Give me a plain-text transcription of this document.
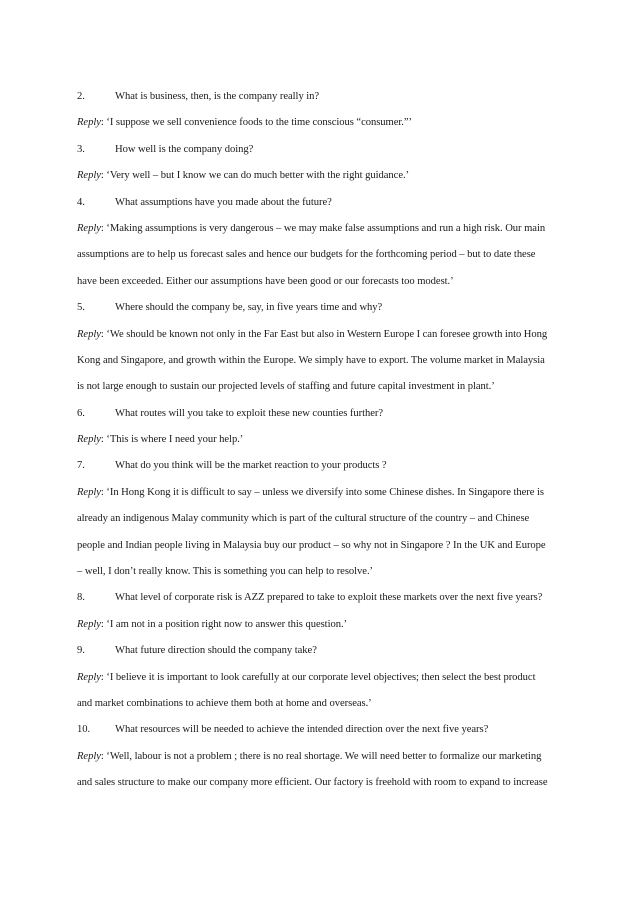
2.	What is business, then, is the company really in?
Reply: ‘I suppose we sell convenience foods to the time conscious “consumer.”’
3.	How well is the company doing?
Reply: ‘Very well – but I know we can do much better with the right guidance.’
4.	What assumptions have you made about the future?
Reply: ‘Making assumptions is very dangerous – we may make false assumptions and run a high risk. Our main
assumptions are to help us forecast sales and hence our budgets for the forthcoming period – but to date these
have been exceeded. Either our assumptions have been good or our forecasts too modest.’
5.	Where should the company be, say, in five years time and why?
Reply: ‘We should be known not only in the Far East but also in Western Europe I can foresee growth into Hong
Kong and Singapore, and growth within the Europe. We simply have to export. The volume market in Malaysia
is not large enough to sustain our projected levels of staffing and future capital investment in plant.’
6.	What routes will you take to exploit these new counties further?
Reply: ‘This is where I need your help.’
7.	What do you think will be the market reaction to your products ?
Reply: ‘In Hong Kong it is difficult to say – unless we diversify into some Chinese dishes. In Singapore there is
already an indigenous Malay community which is part of the cultural structure of the country – and Chinese
people and Indian people living in Malaysia buy our product – so why not in Singapore ? In the UK and Europe
– well, I don’t really know. This is something you can help to resolve.’
8.	What level of corporate risk is AZZ prepared to take to exploit these markets over the next five years?
Reply: ‘I am not in a position right now to answer this question.’
9.	What future direction should the company take?
Reply: ‘I believe it is important to look carefully at our corporate level objectives; then select the best product
and market combinations to achieve them both at home and overseas.’
10.	What resources will be needed to achieve the intended direction over the next five years?
Reply: ‘Well, labour is not a problem ; there is no real shortage. We will need better to formalize our marketing
and sales structure to make our company more efficient. Our factory is freehold with room to expand to increase
